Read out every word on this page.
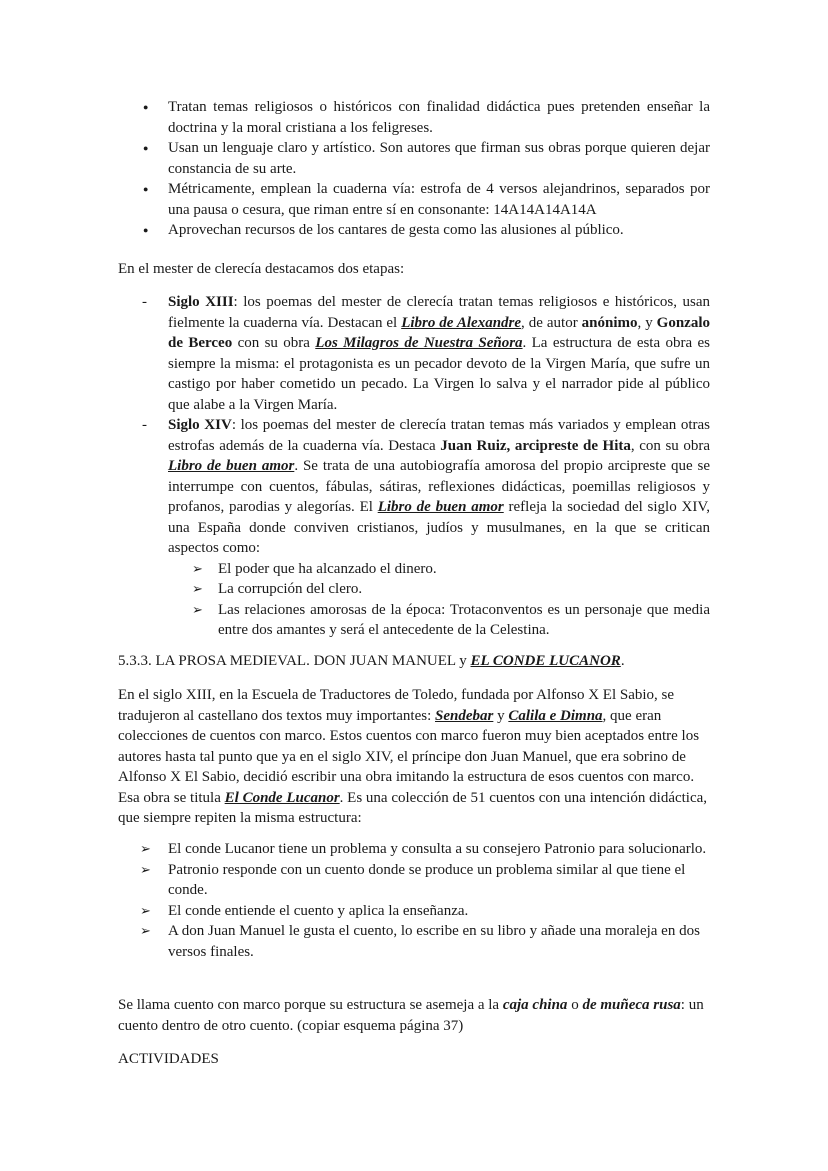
● Tratan temas religiosos o históricos con finalidad didáctica pues pretenden enseñar la doctrina y la moral cristiana a los feligreses.
● Usan un lenguaje claro y artístico. Son autores que firman sus obras porque quieren dejar constancia de su arte.
● Métricamente, emplean la cuaderna vía: estrofa de 4 versos alejandrinos, separados por una pausa o cesura, que riman entre sí en consonante: 14A14A14A14A
● Aprovechan recursos de los cantares de gesta como las alusiones al público.

En el mester de clerecía destacamos dos etapas:

- Siglo XIII: los poemas del mester de clerecía tratan temas religiosos e históricos, usan fielmente la cuaderna vía. Destacan el Libro de Alexandre, de autor anónimo, y Gonzalo de Berceo con su obra Los Milagros de Nuestra Señora. La estructura de esta obra es siempre la misma: el protagonista es un pecador devoto de la Virgen María, que sufre un castigo por haber cometido un pecado. La Virgen lo salva y el narrador pide al público que alabe a la Virgen María.
- Siglo XIV: los poemas del mester de clerecía tratan temas más variados y emplean otras estrofas además de la cuaderna vía. Destaca Juan Ruiz, arcipreste de Hita, con su obra Libro de buen amor. Se trata de una autobiografía amorosa del propio arcipreste que se interrumpe con cuentos, fábulas, sátiras, reflexiones didácticas, poemillas religiosos y profanos, parodias y alegorías. El Libro de buen amor refleja la sociedad del siglo XIV, una España donde conviven cristianos, judíos y musulmanes, en la que se critican aspectos como:
➢ El poder que ha alcanzado el dinero.
➢ La corrupción del clero.
➢ Las relaciones amorosas de la época: Trotaconventos es un personaje que media entre dos amantes y será el antecedente de la Celestina.

5.3.3. LA PROSA MEDIEVAL. DON JUAN MANUEL y EL CONDE LUCANOR.

En el siglo XIII, en la Escuela de Traductores de Toledo, fundada por Alfonso X El Sabio, se tradujeron al castellano dos textos muy importantes: Sendebar y Calila e Dimna, que eran colecciones de cuentos con marco. Estos cuentos con marco fueron muy bien aceptados entre los autores hasta tal punto que ya en el siglo XIV, el príncipe don Juan Manuel, que era sobrino de Alfonso X El Sabio, decidió escribir una obra imitando la estructura de esos cuentos con marco. Esa obra se titula El Conde Lucanor. Es una colección de 51 cuentos con una intención didáctica, que siempre repiten la misma estructura:

➢ El conde Lucanor tiene un problema y consulta a su consejero Patronio para solucionarlo.
➢ Patronio responde con un cuento donde se produce un problema similar al que tiene el conde.
➢ El conde entiende el cuento y aplica la enseñanza.
➢ A don Juan Manuel le gusta el cuento, lo escribe en su libro y añade una moraleja en dos versos finales.

Se llama cuento con marco porque su estructura se asemeja a la caja china o de muñeca rusa: un cuento dentro de otro cuento. (copiar esquema página 37)

ACTIVIDADES
